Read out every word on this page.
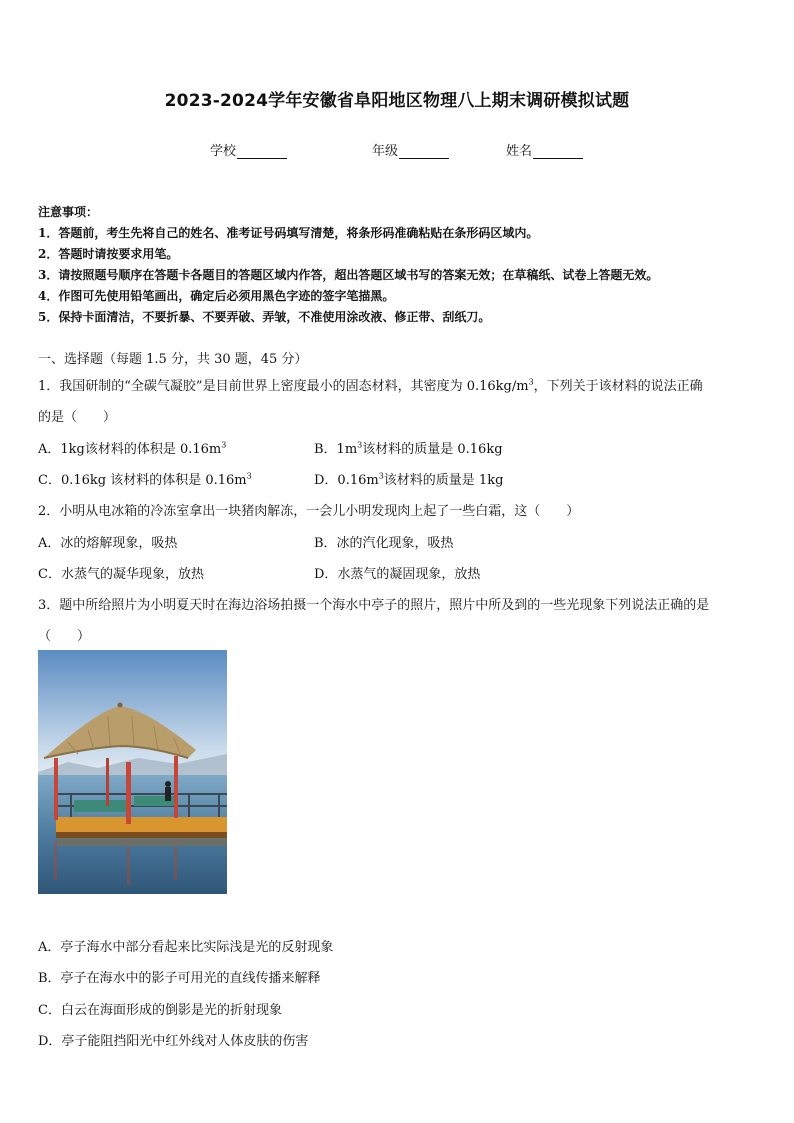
2023-2024学年安徽省阜阳地区物理八上期末调研模拟试题
学校	年级	姓名
注意事项：
1．答题前，考生先将自己的姓名、准考证号码填写清楚，将条形码准确粘贴在条形码区域内。
2．答题时请按要求用笔。
3．请按照题号顺序在答题卡各题目的答题区域内作答，超出答题区域书写的答案无效；在草稿纸、试卷上答题无效。
4．作图可先使用铅笔画出，确定后必须用黑色字迹的签字笔描黑。
5．保持卡面清洁，不要折暴、不要弄破、弄皱，不准使用涂改液、修正带、刮纸刀。
一、选择题（每题 1.5 分，共 30 题，45 分）
1．我国研制的“全碳气凝胶”是目前世界上密度最小的固态材料，其密度为 $0.16kg/m^3$，下列关于该材料的说法正确
的是（　　）
A．1kg该材料的体积是 $0.16m^3$	B．$1m^3$该材料的质量是 0.16kg
C．0.16kg 该材料的体积是 $0.16m^3$	D．$0.16m^3$该材料的质量是 1kg
2．小明从电冰箱的冷冻室拿出一块猪肉解冻，一会儿小明发现肉上起了一些白霜，这（　　）
A．冰的熔解现象，吸热	B．冰的汽化现象，吸热
C．水蒸气的凝华现象，放热	D．水蒸气的凝固现象，放热
3．题中所给照片为小明夏天时在海边浴场拍摄一个海水中亭子的照片，照片中所及到的一些光现象下列说法正确的是
（　　）
A．亭子海水中部分看起来比实际浅是光的反射现象
B．亭子在海水中的影子可用光的直线传播来解释
C．白云在海面形成的倒影是光的折射现象
D．亭子能阻挡阳光中红外线对人体皮肤的伤害
